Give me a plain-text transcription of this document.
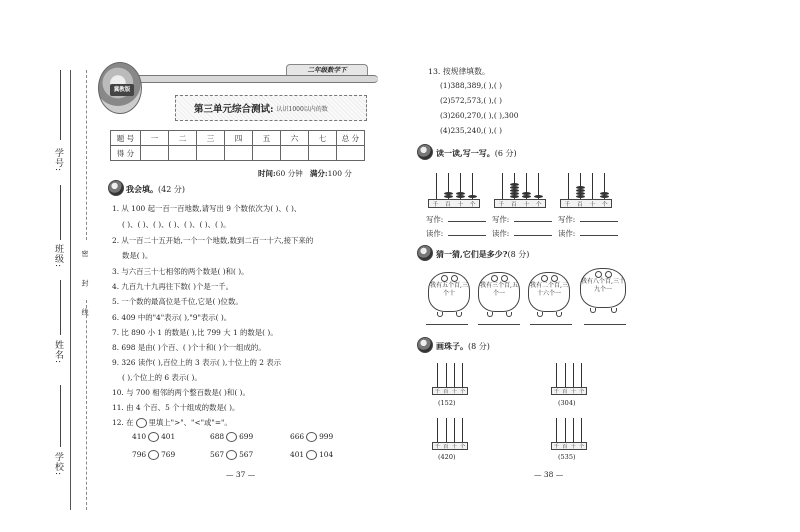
学号:
班级:
姓名:
学校:
密 封 线
二年级数学下
冀教版
第三单元综合测试: 认识1000以内的数
题 号	一	二	三	四	五	六	七	总 分
得 分								
时间:60 分钟 满分:100 分
我会填。(42 分)
1. 从 100 起一百一百地数,请写出 9 个数依次为( )、( )、
( )、( )、( )、( )、( )、( )、( )。
2. 从一百二十五开始,一个一个地数,数到二百一十六,接下来的
数是( )。
3. 与六百三十七相邻的两个数是( )和( )。
4. 九百九十九再往下数( )个是一千。
5. 一个数的最高位是千位,它是( )位数。
6. 409 中的"4"表示( ),"9"表示( )。
7. 比 890 小 1 的数是( ),比 799 大 1 的数是( )。
8. 698 是由( )个百、( )个十和( )个一组成的。
9. 326 读作( ),百位上的 3 表示( ),十位上的 2 表示
( ),个位上的 6 表示( )。
10. 与 700 相邻的两个整百数是( )和( )。
11. 由 4 个百、5 个十组成的数是( )。
12. 在 里填上">"、"<"或"="。
410 401	688 699	666 999
796 769	567 567	401 104
— 37 —
13. 按规律填数。
(1)388,389,( ),( )
(2)572,573,( ),( )
(3)260,270,( ),( ),300
(4)235,240,( ),( )
读一读,写一写。(6 分)
千 百 十 个	千 百 十 个	千 百 十 个
写作:	写作:	写作:
读作:	读作:	读作:
猜一猜,它们是多少?(8 分)
我有五个百,三个十
我有三个百,五个一
我有二个百,三十六个一
我有八个百,三十九个一
画珠子。(8 分)
千 百 十 个
(152)
千 百 十 个
(304)
千 百 十 个
(420)
千 百 十 个
(535)
— 38 —
